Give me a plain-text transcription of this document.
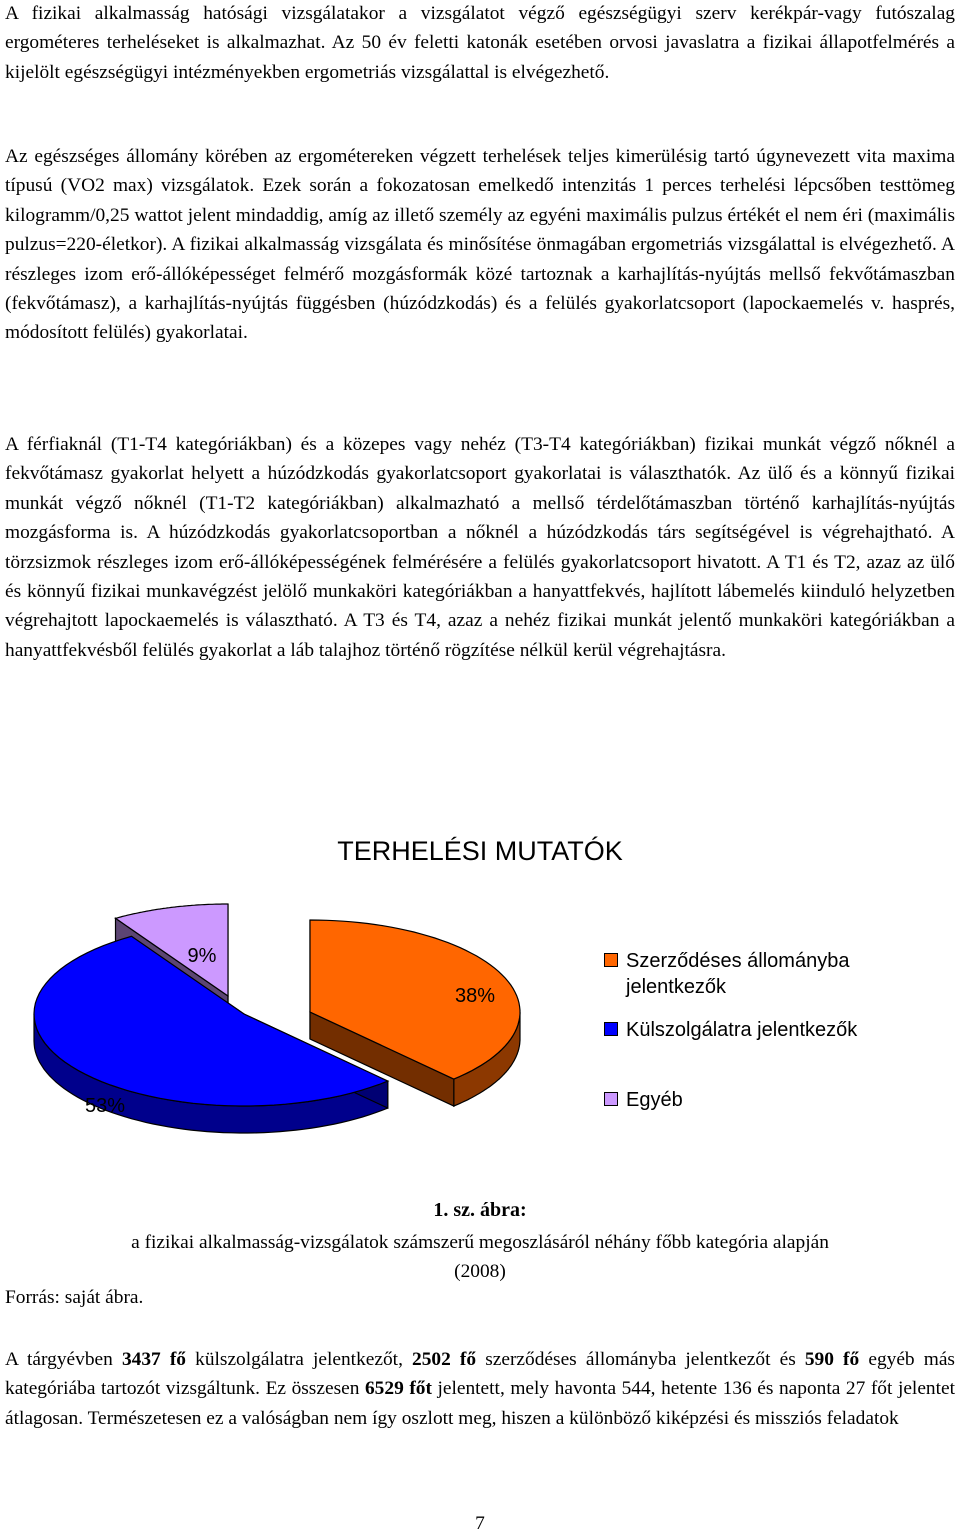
A fizikai alkalmasság hatósági vizsgálatakor a vizsgálatot végző egészségügyi szerv kerékpár-vagy futószalag ergométeres terheléseket is alkalmazhat. Az 50 év feletti katonák esetében orvosi javaslatra a fizikai állapotfelmérés a kijelölt egészségügyi intézményekben ergometriás vizsgálattal is elvégezhető.

Az egészséges állomány körében az ergométereken végzett terhelések teljes kimerülésig tartó úgynevezett vita maxima típusú (VO2 max) vizsgálatok. Ezek során a fokozatosan emelkedő intenzitás 1 perces terhelési lépcsőben testtömeg kilogramm/0,25 wattot jelent mindaddig, amíg az illető személy az egyéni maximális pulzus értékét el nem éri (maximális pulzus=220-életkor). A fizikai alkalmasság vizsgálata és minősítése önmagában ergometriás vizsgálattal is elvégezhető. A részleges izom erő-állóképességet felmérő mozgásformák közé tartoznak a karhajlítás-nyújtás mellső fekvőtámaszban (fekvőtámasz), a karhajlítás-nyújtás függésben (húzódzkodás) és a felülés gyakorlatcsoport (lapockaemelés v. hasprés, módosított felülés) gyakorlatai.

A férfiaknál (T1-T4 kategóriákban) és a közepes vagy nehéz (T3-T4 kategóriákban) fizikai munkát végző nőknél a fekvőtámasz gyakorlat helyett a húzódzkodás gyakorlatcsoport gyakorlatai is választhatók. Az ülő és a könnyű fizikai munkát végző nőknél (T1-T2 kategóriákban) alkalmazható a mellső térdelőtámaszban történő karhajlítás-nyújtás mozgásforma is. A húzódzkodás gyakorlatcsoportban a nőknél a húzódzkodás társ segítségével is végrehajtható. A törzsizmok részleges izom erő-állóképességének felmérésére a felülés gyakorlatcsoport hivatott. A T1 és T2, azaz az ülő és könnyű fizikai munkavégzést jelölő munkaköri kategóriákban a hanyattfekvés, hajlított lábemelés kiinduló helyzetben végrehajtott lapockaemelés is választható. A T3 és T4, azaz a nehéz fizikai munkát jelentő munkaköri kategóriákban a hanyattfekvésből felülés gyakorlat a láb talajhoz történő rögzítése nélkül kerül végrehajtásra.

TERHELÉSI MUTATÓK
38%
53%
9%	Szerződéses állományba
jelentkezők
Külszolgálatra jelentkezők
Egyéb
1. sz. ábra:
a fizikai alkalmasság-vizsgálatok számszerű megoszlásáról néhány főbb kategória alapján
(2008)
Forrás: saját ábra.

A tárgyévben 3437 fő külszolgálatra jelentkezőt, 2502 fő szerződéses állományba jelentkezőt és 590 fő egyéb más kategóriába tartozót vizsgáltunk. Ez összesen 6529 főt jelentett, mely havonta 544, hetente 136 és naponta 27 főt jelentet átlagosan. Természetesen ez a valóságban nem így oszlott meg, hiszen a különböző kiképzési és missziós feladatok

7
